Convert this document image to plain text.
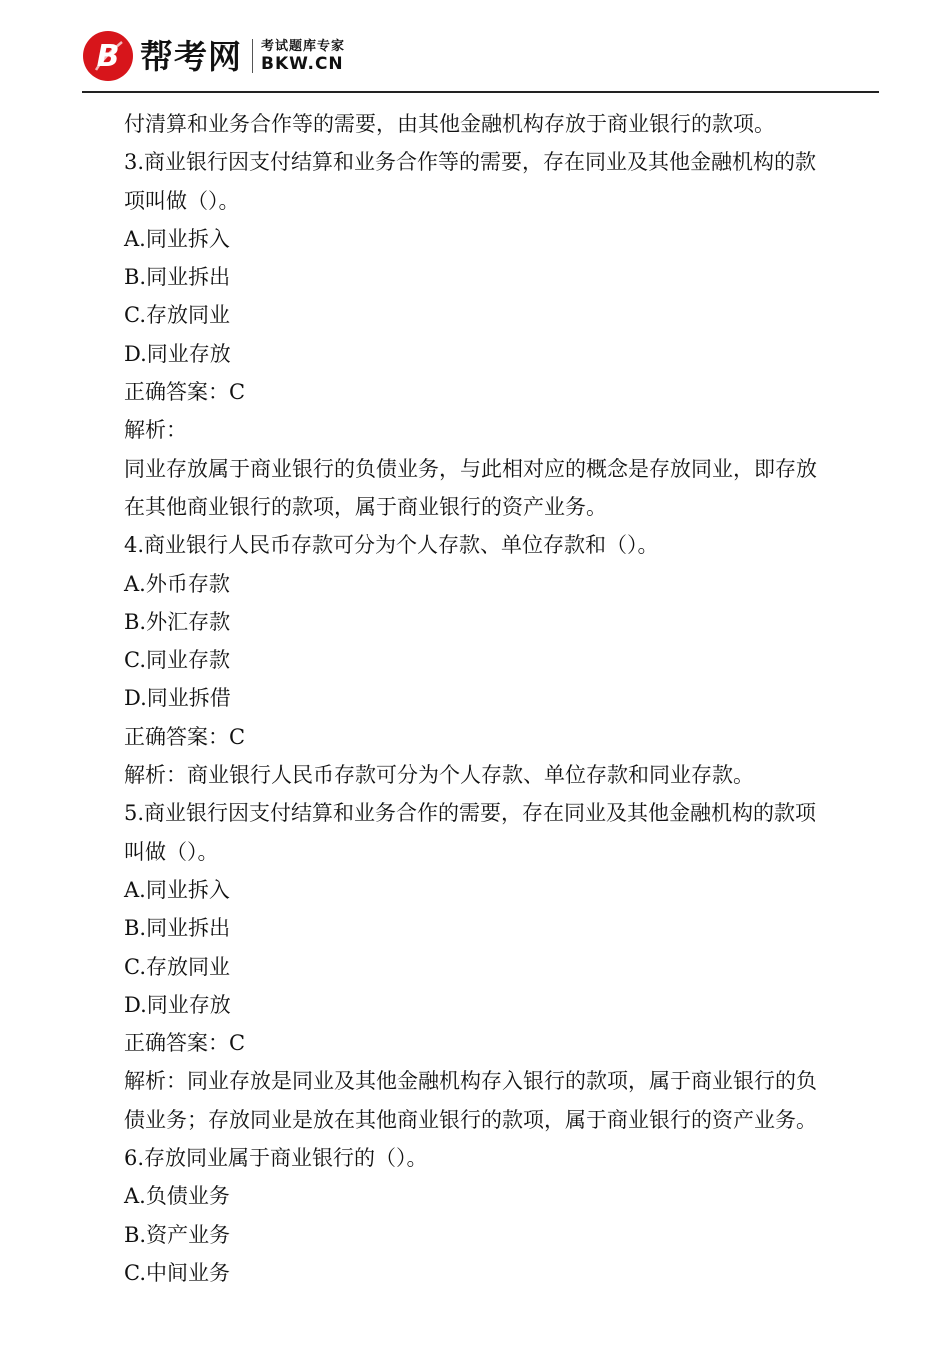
B 帮考网 考试题库专家
BKW.CN

付清算和业务合作等的需要，由其他金融机构存放于商业银行的款项。

3.商业银行因支付结算和业务合作等的需要，存在同业及其他金融机构的款

项叫做（）。

A.同业拆入

B.同业拆出

C.存放同业

D.同业存放

正确答案：C

解析：

同业存放属于商业银行的负债业务，与此相对应的概念是存放同业，即存放

在其他商业银行的款项，属于商业银行的资产业务。

4.商业银行人民币存款可分为个人存款、单位存款和（）。

A.外币存款

B.外汇存款

C.同业存款

D.同业拆借

正确答案：C

解析：商业银行人民币存款可分为个人存款、单位存款和同业存款。

5.商业银行因支付结算和业务合作的需要，存在同业及其他金融机构的款项

叫做（）。

A.同业拆入

B.同业拆出

C.存放同业

D.同业存放

正确答案：C

解析：同业存放是同业及其他金融机构存入银行的款项，属于商业银行的负

债业务；存放同业是放在其他商业银行的款项，属于商业银行的资产业务。

6.存放同业属于商业银行的（）。

A.负债业务

B.资产业务

C.中间业务
